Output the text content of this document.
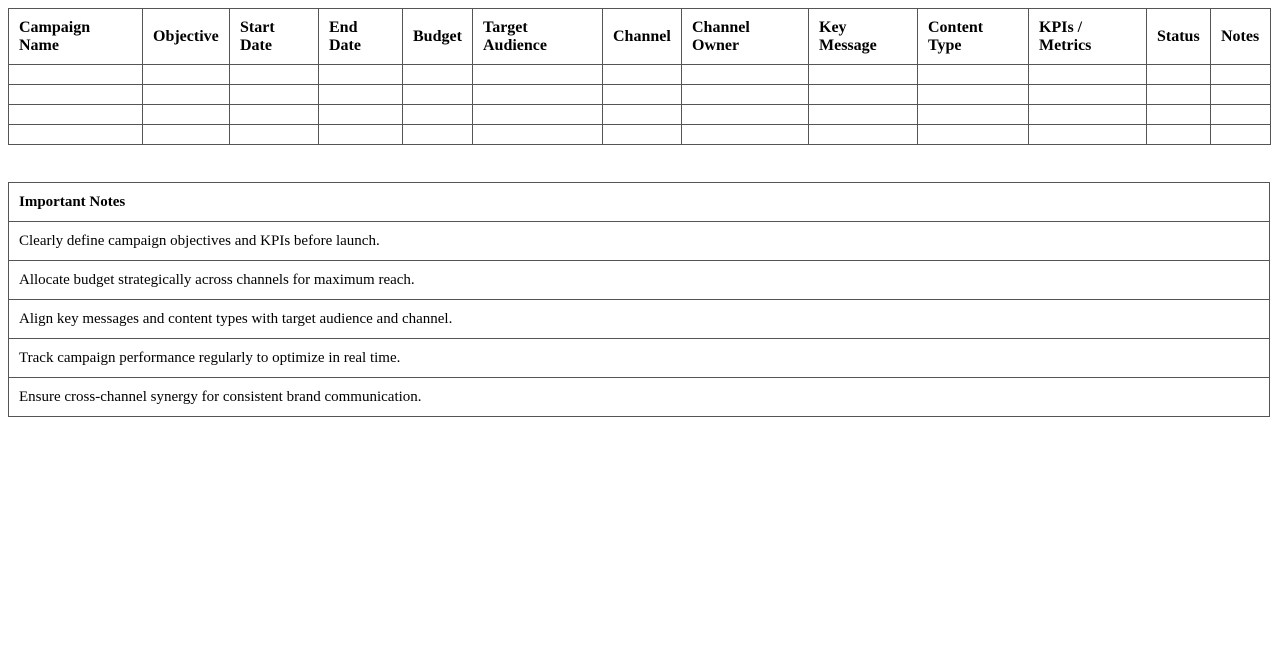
Campaign Name	Objective	Start Date	End Date	Budget	Target Audience	Channel	Channel Owner	Key Message	Content Type	KPIs / Metrics	Status	Notes

Important Notes
Clearly define campaign objectives and KPIs before launch.
Allocate budget strategically across channels for maximum reach.
Align key messages and content types with target audience and channel.
Track campaign performance regularly to optimize in real time.
Ensure cross-channel synergy for consistent brand communication.
